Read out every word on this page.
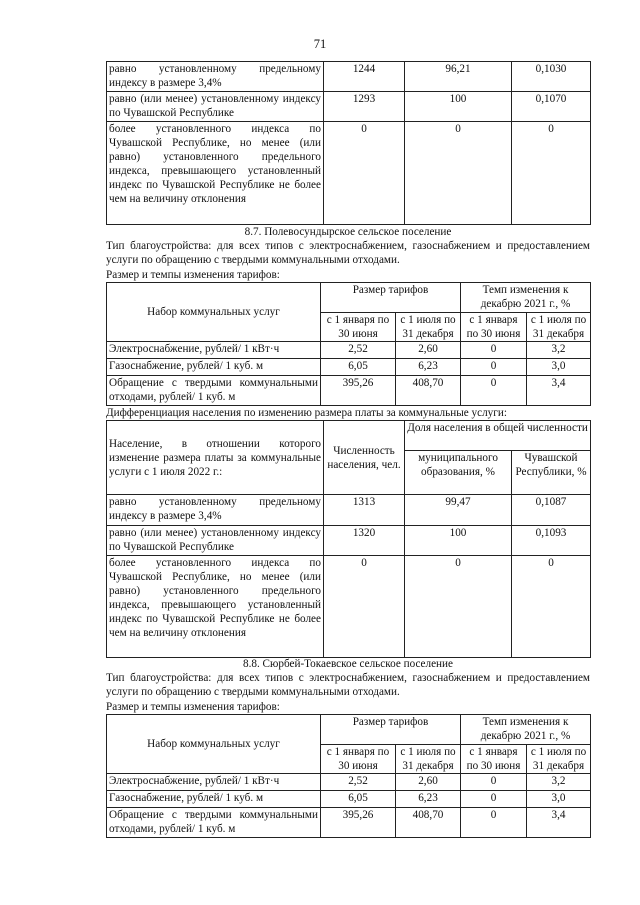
71
равно установленному предельному индексу в размере 3,4%	1244	96,21	0,1030
равно (или менее) установленному индексу по Чувашской Республике	1293	100	0,1070
более установленного индекса по Чувашской Республике, но менее (или равно) установленного предельного индекса, превышающего установленный индекс по Чувашской Республике не более чем на величину отклонения	0	0	0
8.7. Полевосундырское сельское поселение
Тип благоустройства: для всех типов с электроснабжением, газоснабжением и предоставлением услуги по обращению с твердыми коммунальными отходами.
Размер и темпы изменения тарифов:
Набор коммунальных услуг	Размер тарифов		Темп изменения к декабрю 2021 г., %	
	с 1 января по 30 июня	с 1 июля по 31 декабря	с 1 января по 30 июня	с 1 июля по 31 декабря
Электроснабжение, рублей/ 1 кВт·ч	2,52	2,60	0	3,2
Газоснабжение, рублей/ 1 куб. м	6,05	6,23	0	3,0
Обращение с твердыми коммунальными отходами, рублей/ 1 куб. м	395,26	408,70	0	3,4
Дифференциация населения по изменению размера платы за коммунальные услуги:
Население, в отношении которого изменение размера платы за коммунальные услуги с 1 июля 2022 г.:	Численность населения, чел.	Доля населения в общей численности	
		муниципального образования, %	Чувашской Республики, %
равно установленному предельному индексу в размере 3,4%	1313	99,47	0,1087
равно (или менее) установленному индексу по Чувашской Республике	1320	100	0,1093
более установленного индекса по Чувашской Республике, но менее (или равно) установленного предельного индекса, превышающего установленный индекс по Чувашской Республике не более чем на величину отклонения	0	0	0
8.8. Сюрбей-Токаевское сельское поселение
Тип благоустройства: для всех типов с электроснабжением, газоснабжением и предоставлением услуги по обращению с твердыми коммунальными отходами.
Размер и темпы изменения тарифов:
Набор коммунальных услуг	Размер тарифов		Темп изменения к декабрю 2021 г., %	
	с 1 января по 30 июня	с 1 июля по 31 декабря	с 1 января по 30 июня	с 1 июля по 31 декабря
Электроснабжение, рублей/ 1 кВт·ч	2,52	2,60	0	3,2
Газоснабжение, рублей/ 1 куб. м	6,05	6,23	0	3,0
Обращение с твердыми коммунальными отходами, рублей/ 1 куб. м	395,26	408,70	0	3,4
